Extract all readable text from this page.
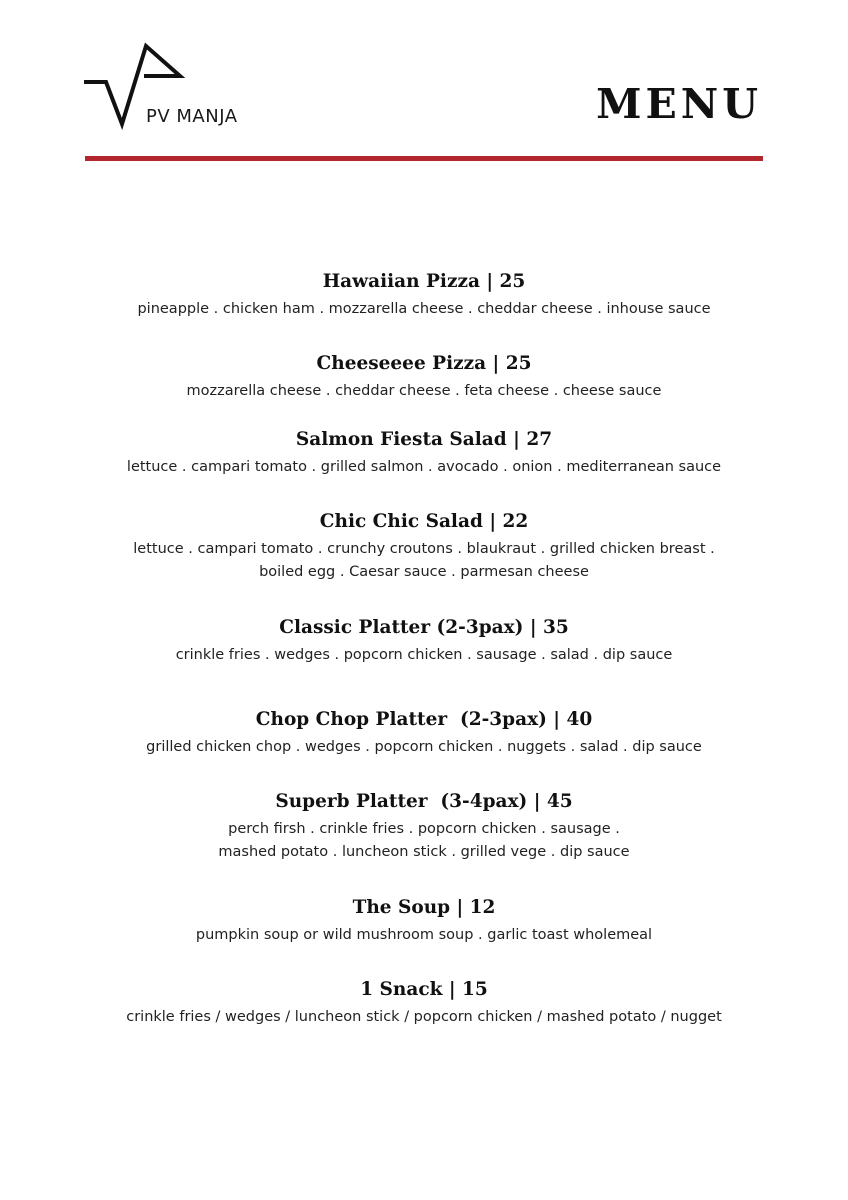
PV MANJA	MENU
Hawaiian Pizza | 25
pineapple . chicken ham . mozzarella cheese . cheddar cheese . inhouse sauce
Cheeseeee Pizza | 25
mozzarella cheese . cheddar cheese . feta cheese . cheese sauce
Salmon Fiesta Salad | 27
lettuce . campari tomato . grilled salmon . avocado . onion . mediterranean sauce
Chic Chic Salad | 22
lettuce . campari tomato . crunchy croutons . blaukraut . grilled chicken breast .
boiled egg . Caesar sauce . parmesan cheese
Classic Platter (2-3pax) | 35
crinkle fries . wedges . popcorn chicken . sausage . salad . dip sauce
Chop Chop Platter  (2-3pax) | 40
grilled chicken chop . wedges . popcorn chicken . nuggets . salad . dip sauce
Superb Platter  (3-4pax) | 45
perch firsh . crinkle fries . popcorn chicken . sausage .
mashed potato . luncheon stick . grilled vege . dip sauce
The Soup | 12
pumpkin soup or wild mushroom soup . garlic toast wholemeal
1 Snack | 15
crinkle fries / wedges / luncheon stick / popcorn chicken / mashed potato / nugget
